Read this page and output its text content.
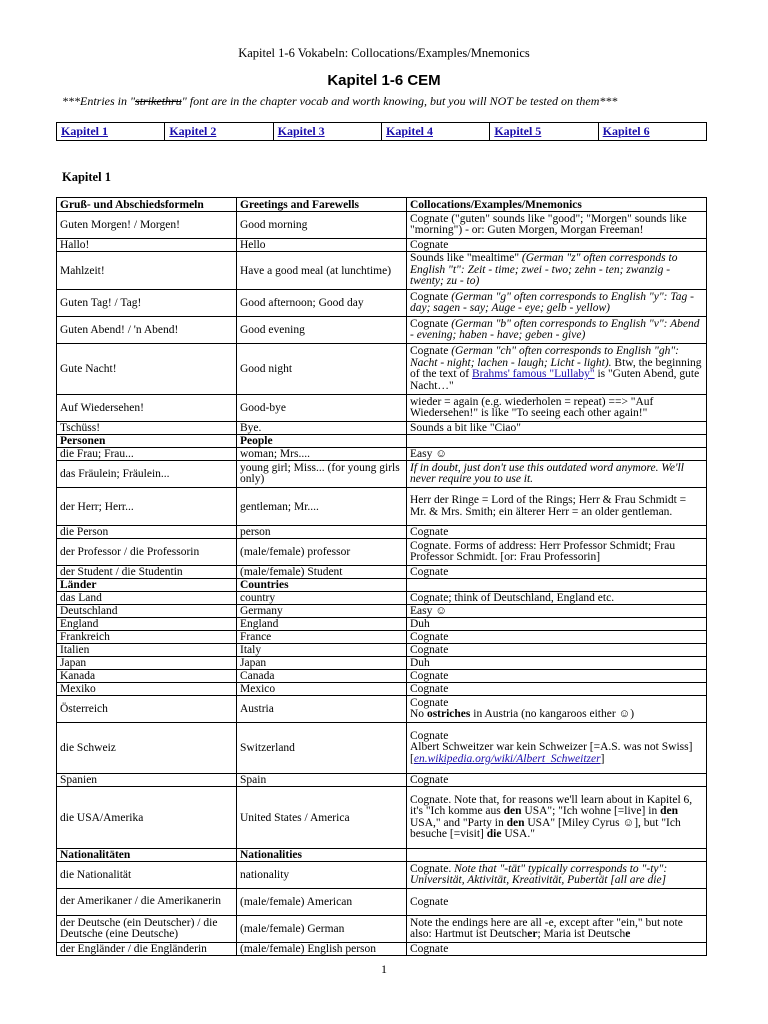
Kapitel 1-6 Vokabeln: Collocations/Examples/Mnemonics
Kapitel 1-6 CEM
***Entries in "strikethru" font are in the chapter vocab and worth knowing, but you will NOT be tested on them***
Kapitel 1	Kapitel 2	Kapitel 3	Kapitel 4	Kapitel 5	Kapitel 6
Kapitel 1
Gruß- und Abschiedsformeln	Greetings and Farewells	Collocations/Examples/Mnemonics
Guten Morgen! / Morgen!	Good morning	Cognate ("guten" sounds like "good"; "Morgen" sounds like "morning") - or: Guten Morgen, Morgan Freeman!
Hallo!	Hello	Cognate
Mahlzeit!	Have a good meal (at lunchtime)	Sounds like "mealtime" (German "z" often corresponds to English "t": Zeit - time; zwei - two; zehn - ten; zwanzig - twenty; zu - to)
Guten Tag! / Tag!	Good afternoon; Good day	Cognate (German "g" often corresponds to English "y": Tag - day; sagen - say; Auge - eye; gelb - yellow)
Guten Abend! / 'n Abend!	Good evening	Cognate (German "b" often corresponds to English "v": Abend - evening; haben - have; geben - give)
Gute Nacht!	Good night	Cognate (German "ch" often corresponds to English "gh": Nacht - night; lachen - laugh; Licht - light). Btw, the beginning of the text of Brahms' famous "Lullaby" is "Guten Abend, gute Nacht…"
Auf Wiedersehen!	Good-bye	wieder = again (e.g. wiederholen = repeat) ==> "Auf Wiedersehen!" is like "To seeing each other again!"
Tschüss!	Bye.	Sounds a bit like "Ciao"
Personen	People	
die Frau; Frau...	woman; Mrs....	Easy ☺
das Fräulein; Fräulein...	young girl; Miss... (for young girls only)	If in doubt, just don't use this outdated word anymore. We'll never require you to use it.
der Herr; Herr...	gentleman; Mr....	Herr der Ringe = Lord of the Rings; Herr & Frau Schmidt = Mr. & Mrs. Smith; ein älterer Herr = an older gentleman.
die Person	person	Cognate
der Professor / die Professorin	(male/female) professor	Cognate. Forms of address: Herr Professor Schmidt; Frau Professor Schmidt. [or: Frau Professorin]
der Student / die Studentin	(male/female) Student	Cognate
Länder	Countries	
das Land	country	Cognate; think of Deutschland, England etc.
Deutschland	Germany	Easy ☺
England	England	Duh
Frankreich	France	Cognate
Italien	Italy	Cognate
Japan	Japan	Duh
Kanada	Canada	Cognate
Mexiko	Mexico	Cognate
Österreich	Austria	Cognate
No ostriches in Austria (no kangaroos either ☺)
die Schweiz	Switzerland	Cognate
Albert Schweitzer war kein Schweizer [=A.S. was not Swiss] [en.wikipedia.org/wiki/Albert_Schweitzer]
Spanien	Spain	Cognate
die USA/Amerika	United States / America	Cognate. Note that, for reasons we'll learn about in Kapitel 6, it's "Ich komme aus den USA"; "Ich wohne [=live] in den USA," and "Party in den USA" [Miley Cyrus ☺], but "Ich besuche [=visit] die USA."
Nationalitäten	Nationalities	
die Nationalität	nationality	Cognate. Note that "-tät" typically corresponds to "-ty": Universität, Aktivität, Kreativität, Pubertät [all are die]
der Amerikaner / die Amerikanerin	(male/female) American	Cognate
der Deutsche (ein Deutscher) / die Deutsche (eine Deutsche)	(male/female) German	Note the endings here are all -e, except after "ein," but note also: Hartmut ist Deutscher; Maria ist Deutsche
der Engländer / die Engländerin	(male/female) English person	Cognate
1
